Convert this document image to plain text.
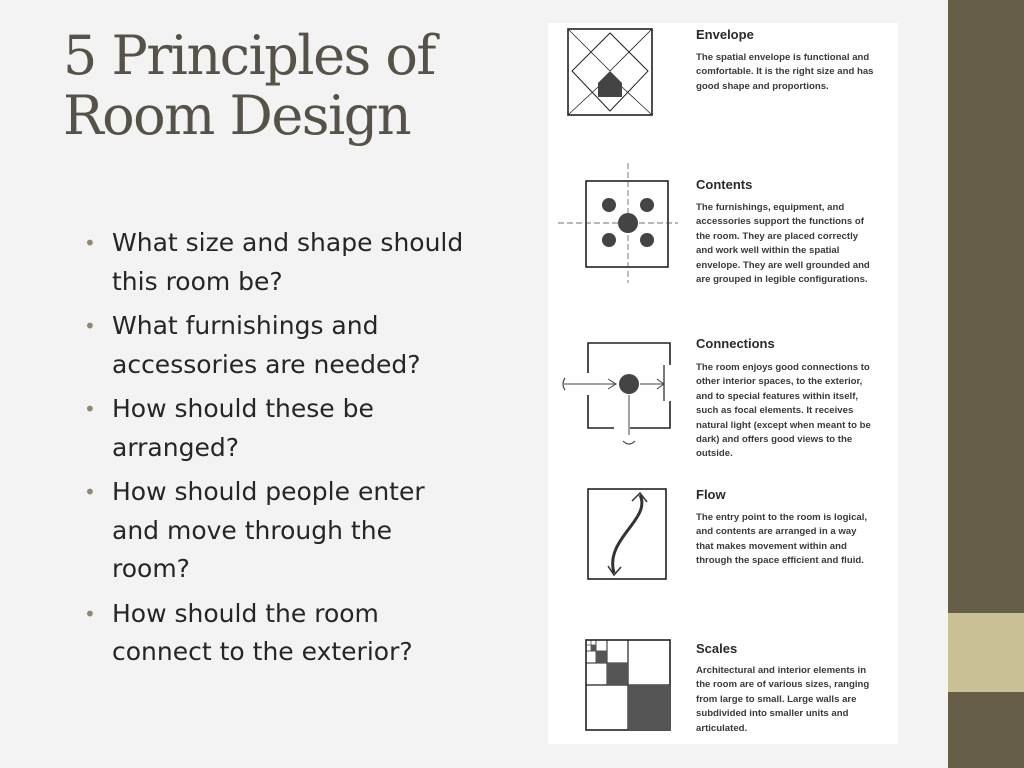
5 Principles of Room Design
• What size and shape should this room be?
• What furnishings and accessories are needed?
• How should these be arranged?
• How should people enter and move through the room?
• How should the room connect to the exterior?

Envelope

The spatial envelope is functional and comfortable. It is the right size and has good shape and proportions.

Contents

The furnishings, equipment, and accessories support the functions of the room. They are placed correctly and work well within the spatial envelope. They are well grounded and are grouped in legible configurations.

Connections

The room enjoys good connections to other interior spaces, to the exterior, and to special features within itself, such as focal elements. It receives natural light (except when meant to be dark) and offers good views to the outside.

Flow

The entry point to the room is logical, and contents are arranged in a way that makes movement within and through the space efficient and fluid.

Scales

Architectural and interior elements in the room are of various sizes, ranging from large to small. Large walls are subdivided into smaller units and articulated.
